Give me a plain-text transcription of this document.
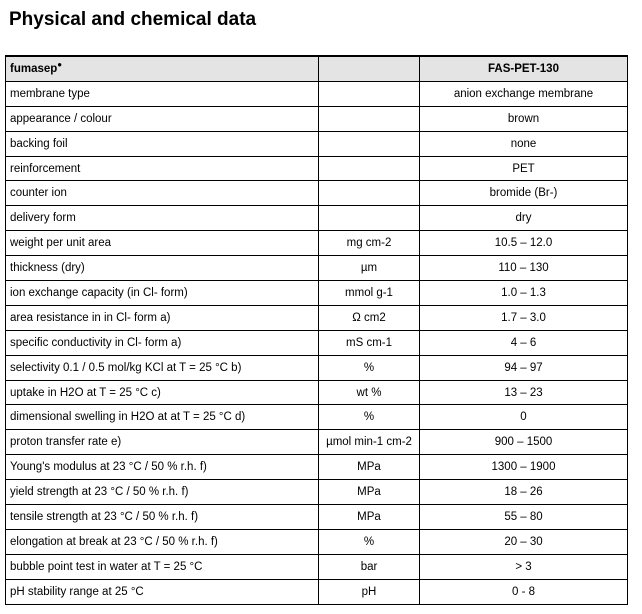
Physical and chemical data
fumasep●		FAS-PET-130
membrane type		anion exchange membrane
appearance / colour		brown
backing foil		none
reinforcement		PET
counter ion		bromide (Br-)
delivery form		dry
weight per unit area	mg cm-2	10.5 – 12.0
thickness (dry)	µm	110 – 130
ion exchange capacity (in Cl- form)	mmol g-1	1.0 – 1.3
area resistance in in Cl- form a)	Ω cm2	1.7 – 3.0
specific conductivity in Cl- form a)	mS cm-1	4 – 6
selectivity 0.1 / 0.5 mol/kg KCl at T = 25 °C b)	%	94 – 97
uptake in H2O at T = 25 °C c)	wt %	13 – 23
dimensional swelling in H2O at at T = 25 °C d)	%	0
proton transfer rate e)	µmol min-1 cm-2	900 – 1500
Young's modulus at 23 °C / 50 % r.h. f)	MPa	1300 – 1900
yield strength at 23 °C / 50 % r.h. f)	MPa	18 – 26
tensile strength at 23 °C / 50 % r.h. f)	MPa	55 – 80
elongation at break at 23 °C / 50 % r.h. f)	%	20 – 30
bubble point test in water at T = 25 °C	bar	> 3
pH stability range at 25 °C	pH	0 - 8
